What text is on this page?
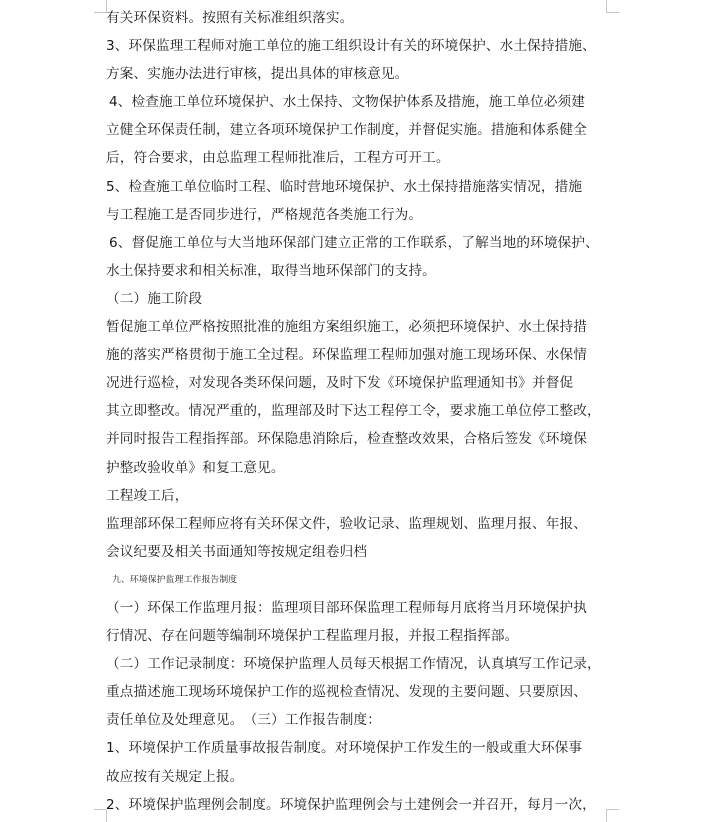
有关环保资料。按照有关标准组织落实。
3、环保监理工程师对施工单位的施工组织设计有关的环境保护、水土保持措施、
方案、实施办法进行审核，提出具体的审核意见。
4、检查施工单位环境保护、水土保持、文物保护体系及措施，施工单位必须建
立健全环保责任制，建立各项环境保护工作制度，并督促实施。措施和体系健全
后，符合要求，由总监理工程师批准后，工程方可开工。
5、检查施工单位临时工程、临时营地环境保护、水土保持措施落实情况，措施
与工程施工是否同步进行，严格规范各类施工行为。
6、督促施工单位与大当地环保部门建立正常的工作联系，了解当地的环境保护、
水土保持要求和相关标准，取得当地环保部门的支持。
（二）施工阶段
暂促施工单位严格按照批准的施组方案组织施工，必须把环境保护、水土保持措
施的落实严格贯彻于施工全过程。环保监理工程师加强对施工现场环保、水保情
况进行巡检，对发现各类环保问题，及时下发《环境保护监理通知书》并督促
其立即整改。情况严重的，监理部及时下达工程停工令，要求施工单位停工整改，
并同时报告工程指挥部。环保隐患消除后，检查整改效果，合格后签发《环境保
护整改验收单》和复工意见。
工程竣工后，
监理部环保工程师应将有关环保文件，验收记录、监理规划、监理月报、年报、
会议纪要及相关书面通知等按规定组卷归档
九、环境保护监理工作报告制度
（一）环保工作监理月报：监理项目部环保监理工程师每月底将当月环境保护执
行情况、存在问题等编制环境保护工程监理月报，并报工程指挥部。
（二）工作记录制度：环境保护监理人员每天根据工作情况，认真填写工作记录，
重点描述施工现场环境保护工作的巡视检查情况、发现的主要问题、只要原因、
责任单位及处理意见。　（三）工作报告制度：
1、环境保护工作质量事故报告制度。对环境保护工作发生的一般或重大环保事
故应按有关规定上报。
2、环境保护监理例会制度。环境保护监理例会与土建例会一并召开，每月一次，
